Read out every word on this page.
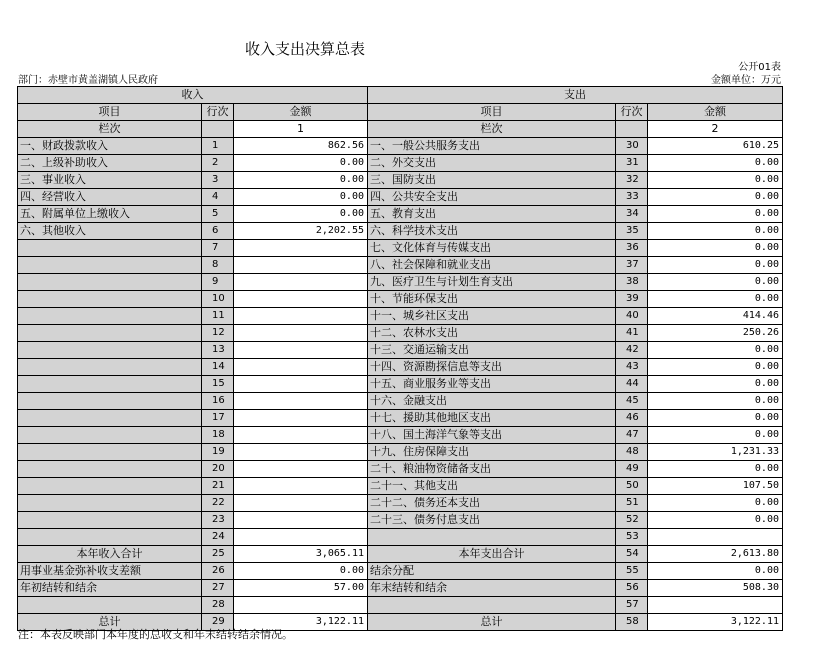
收入支出决算总表
公开01表
部门：赤壁市黄盖湖镇人民政府	金额单位：万元
收入			支出		
项目	行次	金额	项目	行次	金额
栏次		1	栏次		2
一、财政拨款收入	1	862.56	一、一般公共服务支出	30	610.25
二、上级补助收入	2	0.00	二、外交支出	31	0.00
三、事业收入	3	0.00	三、国防支出	32	0.00
四、经营收入	4	0.00	四、公共安全支出	33	0.00
五、附属单位上缴收入	5	0.00	五、教育支出	34	0.00
六、其他收入	6	2,202.55	六、科学技术支出	35	0.00
	7		七、文化体育与传媒支出	36	0.00
	8		八、社会保障和就业支出	37	0.00
	9		九、医疗卫生与计划生育支出	38	0.00
	10		十、节能环保支出	39	0.00
	11		十一、城乡社区支出	40	414.46
	12		十二、农林水支出	41	250.26
	13		十三、交通运输支出	42	0.00
	14		十四、资源勘探信息等支出	43	0.00
	15		十五、商业服务业等支出	44	0.00
	16		十六、金融支出	45	0.00
	17		十七、援助其他地区支出	46	0.00
	18		十八、国土海洋气象等支出	47	0.00
	19		十九、住房保障支出	48	1,231.33
	20		二十、粮油物资储备支出	49	0.00
	21		二十一、其他支出	50	107.50
	22		二十二、债务还本支出	51	0.00
	23		二十三、债务付息支出	52	0.00
	24			53	
本年收入合计	25	3,065.11	本年支出合计	54	2,613.80
用事业基金弥补收支差额	26	0.00	结余分配	55	0.00
年初结转和结余	27	57.00	年末结转和结余	56	508.30
	28			57	
总计	29	3,122.11	总计	58	3,122.11
注：本表反映部门本年度的总收支和年末结转结余情况。
